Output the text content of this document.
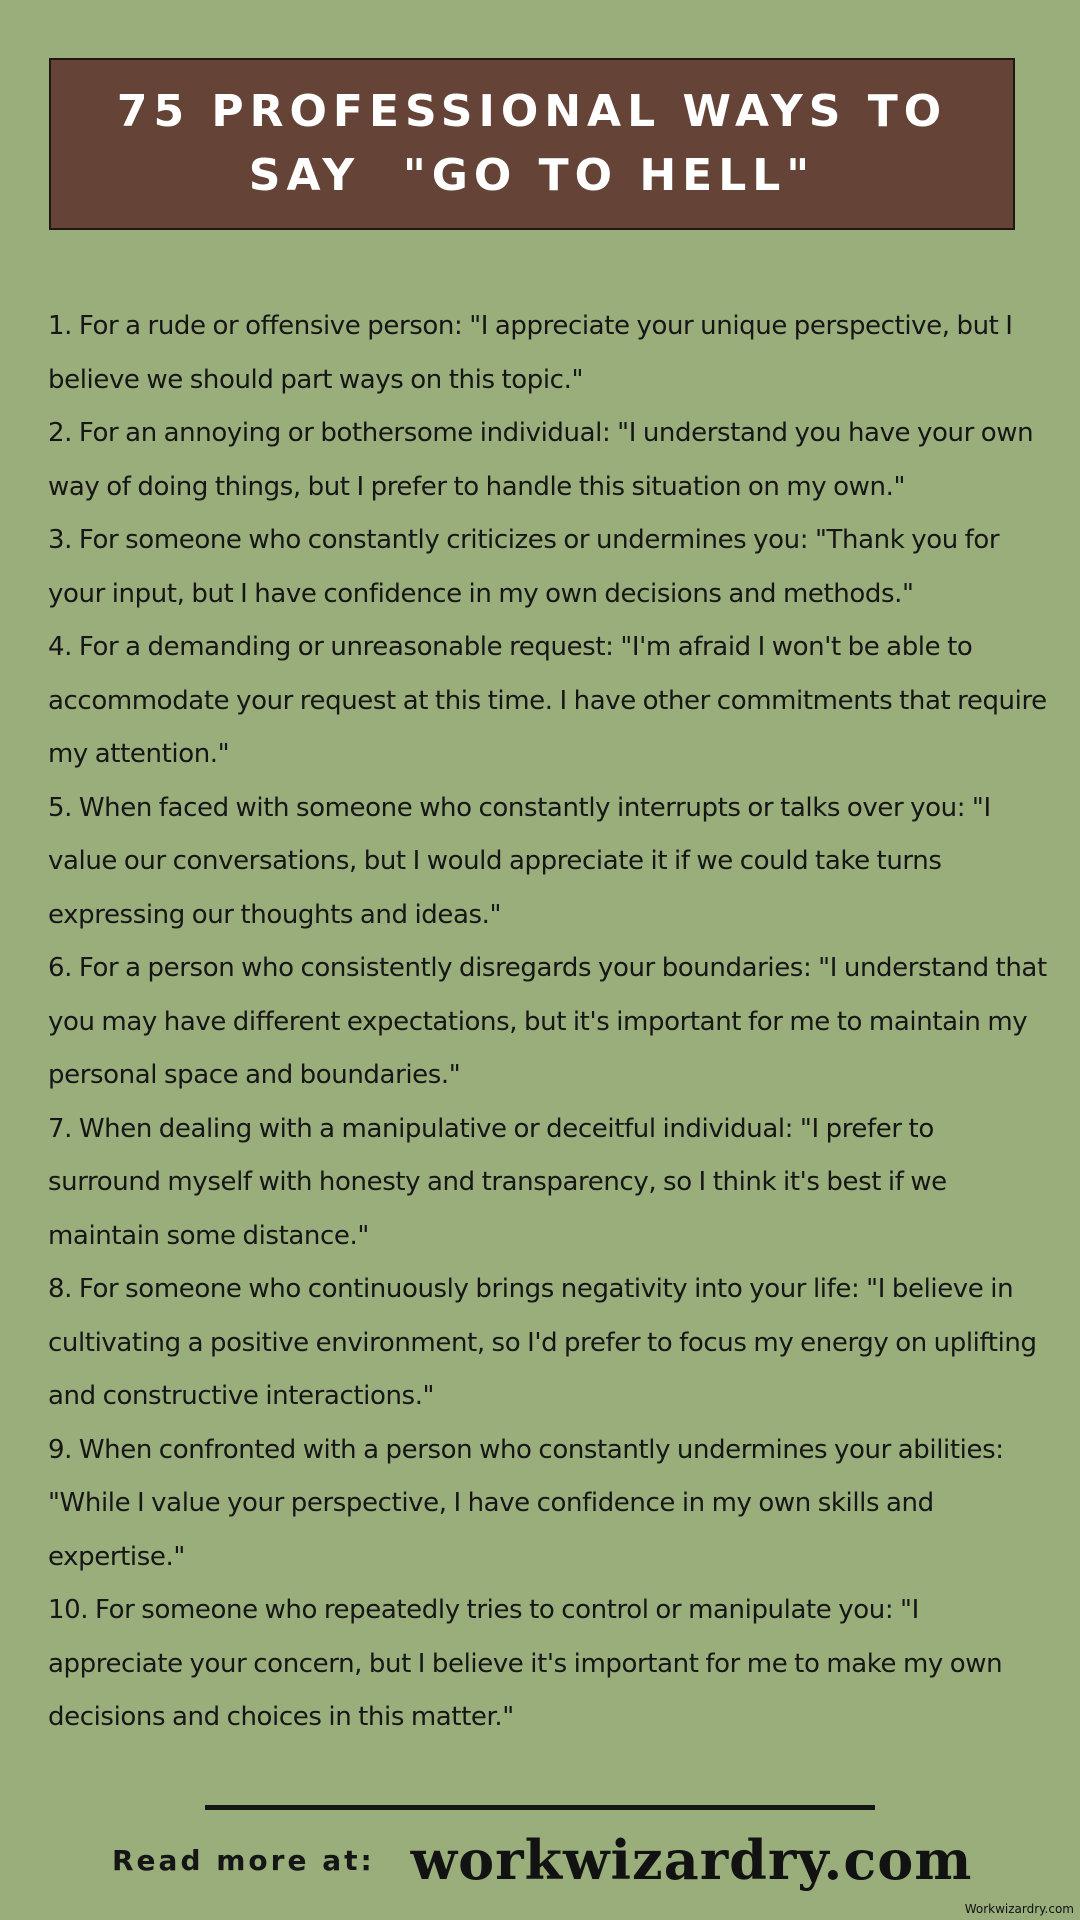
75 PROFESSIONAL WAYS TO
SAY  "GO TO HELL"
1. For a rude or offensive person: "I appreciate your unique perspective, but I believe we should part ways on this topic."
2. For an annoying or bothersome individual: "I understand you have your own way of doing things, but I prefer to handle this situation on my own."
3. For someone who constantly criticizes or undermines you: "Thank you for your input, but I have confidence in my own decisions and methods."
4. For a demanding or unreasonable request: "I'm afraid I won't be able to accommodate your request at this time. I have other commitments that require my attention."
5. When faced with someone who constantly interrupts or talks over you: "I value our conversations, but I would appreciate it if we could take turns expressing our thoughts and ideas."
6. For a person who consistently disregards your boundaries: "I understand that you may have different expectations, but it's important for me to maintain my personal space and boundaries."
7. When dealing with a manipulative or deceitful individual: "I prefer to surround myself with honesty and transparency, so I think it's best if we maintain some distance."
8. For someone who continuously brings negativity into your life: "I believe in cultivating a positive environment, so I'd prefer to focus my energy on uplifting and constructive interactions."
9. When confronted with a person who constantly undermines your abilities: "While I value your perspective, I have confidence in my own skills and expertise."
10. For someone who repeatedly tries to control or manipulate you: "I appreciate your concern, but I believe it's important for me to make my own decisions and choices in this matter."
Read more at: workwizardry.com
Workwizardry.com
